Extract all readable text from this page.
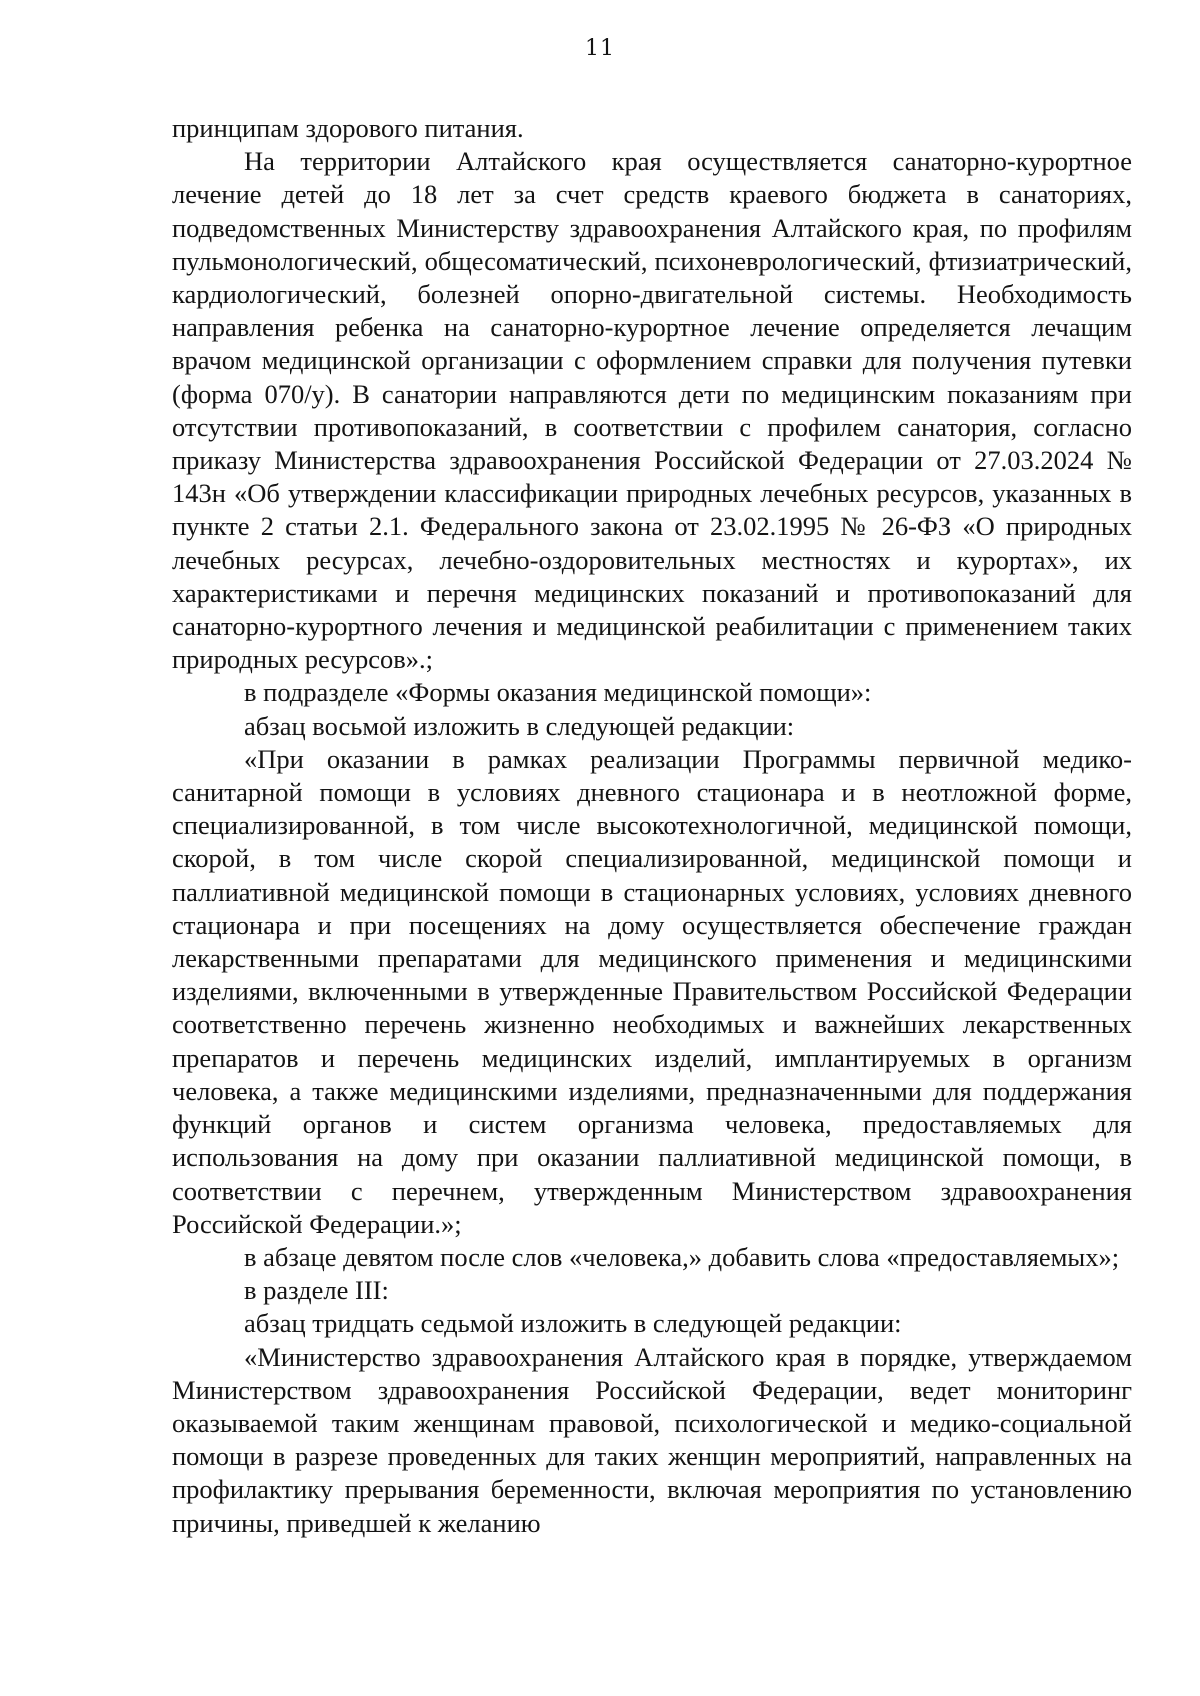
11

принципам здорового питания.

На территории Алтайского края осуществляется санаторно-курортное лечение детей до 18 лет за счет средств краевого бюджета в санаториях, подведомственных Министерству здравоохранения Алтайского края, по профилям пульмонологический, общесоматический, психоневрологический, фтизиатрический, кардиологический, болезней опорно-двигательной системы. Необходимость направления ребенка на санаторно-курортное лечение определяется лечащим врачом медицинской организации с оформлением справки для получения путевки (форма 070/у). В санатории направляются дети по медицинским показаниям при отсутствии противопоказаний, в соответствии с профилем санатория, согласно приказу Министерства здравоохранения Российской Федерации от 27.03.2024 № 143н «Об утверждении классификации природных лечебных ресурсов, указанных в пункте 2 статьи 2.1. Федерального закона от 23.02.1995 № 26-ФЗ «О природных лечебных ресурсах, лечебно-оздоровительных местностях и курортах», их характеристиками и перечня медицинских показаний и противопоказаний для санаторно-курортного лечения и медицинской реабилитации с применением таких природных ресурсов».;

в подразделе «Формы оказания медицинской помощи»:

абзац восьмой изложить в следующей редакции:

«При оказании в рамках реализации Программы первичной медико-санитарной помощи в условиях дневного стационара и в неотложной форме, специализированной, в том числе высокотехнологичной, медицинской помощи, скорой, в том числе скорой специализированной, медицинской помощи и паллиативной медицинской помощи в стационарных условиях, условиях дневного стационара и при посещениях на дому осуществляется обеспечение граждан лекарственными препаратами для медицинского применения и медицинскими изделиями, включенными в утвержденные Правительством Российской Федерации соответственно перечень жизненно необходимых и важнейших лекарственных препаратов и перечень медицинских изделий, имплантируемых в организм человека, а также медицинскими изделиями, предназначенными для поддержания функций органов и систем организма человека, предоставляемых для использования на дому при оказании паллиативной медицинской помощи, в соответствии с перечнем, утвержденным Министерством здравоохранения Российской Федерации.»;

в абзаце девятом после слов «человека,» добавить слова «предоставляемых»;

в разделе III:

абзац тридцать седьмой изложить в следующей редакции:

«Министерство здравоохранения Алтайского края в порядке, утверждаемом Министерством здравоохранения Российской Федерации, ведет мониторинг оказываемой таким женщинам правовой, психологической и медико-социальной помощи в разрезе проведенных для таких женщин мероприятий, направленных на профилактику прерывания беременности, включая мероприятия по установлению причины, приведшей к желанию
